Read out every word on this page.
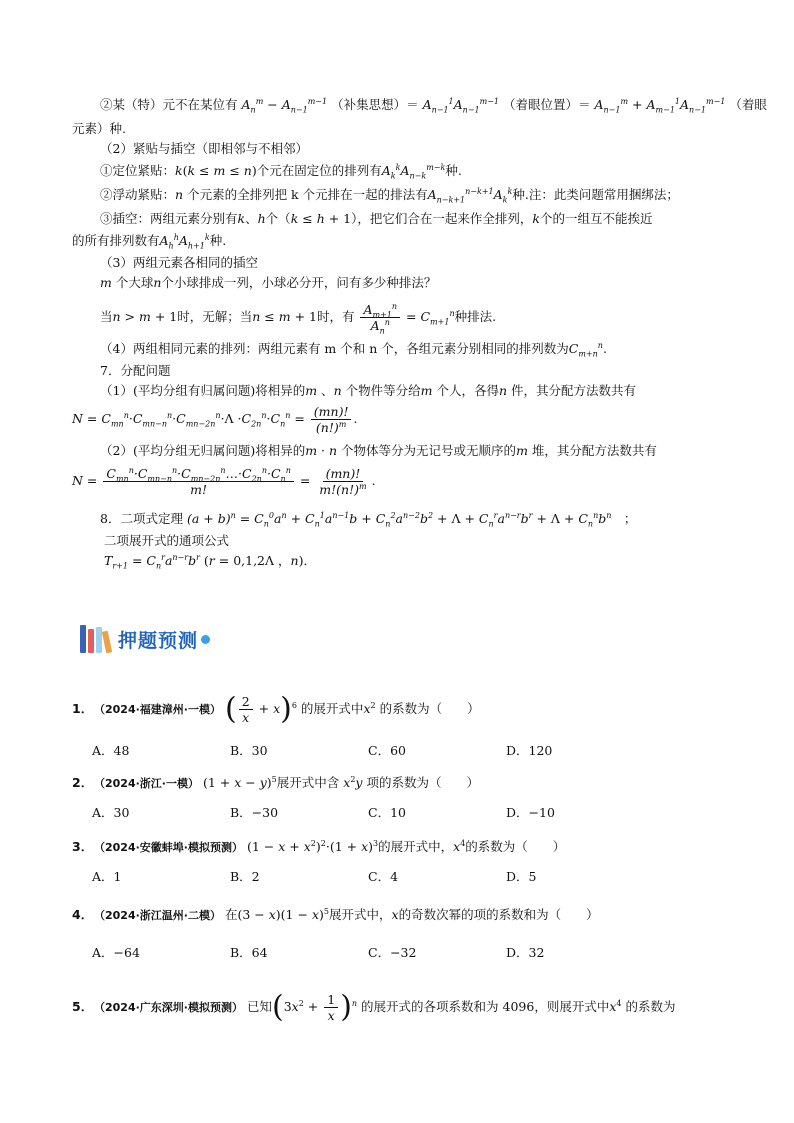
②某（特）元不在某位有 $A_n^m - A_{n-1}^{m-1}$ （补集思想）＝ $A_{n-1}^1A_{n-1}^{m-1}$ （着眼位置）＝ $A_{n-1}^m + A_{m-1}^1A_{n-1}^{m-1}$ （着眼
元素）种.
（2）紧贴与插空（即相邻与不相邻）
①定位紧贴：k(k ≤ m ≤ n)个元在固定位的排列有$A_k^kA_{n-k}^{m-k}$种.
②浮动紧贴：n 个元素的全排列把 k 个元排在一起的排法有$A_{n-k+1}^{n-k+1}A_k^k$种.注：此类问题常用捆绑法；
③插空：两组元素分别有k、h个（k ≤ h + 1），把它们合在一起来作全排列，k个的一组互不能挨近
的所有排列数有$A_h^hA_{h+1}^k$种.
（3）两组元素各相同的插空
m 个大球n个小球排成一列，小球必分开，问有多少种排法？
当n > m + 1时，无解；当n ≤ m + 1时，有 $\frac{A_{m+1}^n}{A_n^n} = C_{m+1}^n$种排法.
（4）两组相同元素的排列：两组元素有 m 个和 n 个，各组元素分别相同的排列数为$C_{m+n}^n$.
7．分配问题
（1）(平均分组有归属问题)将相异的m 、n 个物件等分给m 个人，各得n 件，其分配方法数共有
$N = C_{mn}^n\cdot C_{mn-n}^n\cdot C_{mn-2n}^n\cdot\Lambda \cdot C_{2n}^n\cdot C_n^n = \frac{(mn)!}{(n!)^m}$ .
（2）(平均分组无归属问题)将相异的m · n 个物体等分为无记号或无顺序的m 堆，其分配方法数共有
$N = \frac{C_{mn}^n\cdot C_{mn-n}^n\cdot C_{mn-2n}^n\dots\cdot C_{2n}^n\cdot C_n^n}{m!} = \frac{(mn)!}{m!(n!)^m}$ .
8．二项式定理 $(a + b)^n = C_n^0a^n + C_n^1a^{n-1}b + C_n^2a^{n-2}b^2 + \Lambda + C_n^ra^{n-r}b^r + \Lambda + C_n^nb^n$　；
二项展开式的通项公式
$T_{r+1} = C_n^ra^{n-r}b^r$ (r = 0,1,2Λ ，n)．
押题预测
1．（2024·福建漳州·一模） ( $\frac{2}{x} + x)^6$ 的展开式中$x^2$ 的系数为（　　）
A．48	B．30	C．60	D．120
2．（2024·浙江·一模） $(1 + x - y)^5$展开式中含 $x^2y$ 项的系数为（　　）
A．30	B．−30	C．10	D．−10
3．（2024·安徽蚌埠·模拟预测） $(1 - x + x^2)^2\cdot(1 + x)^3$的展开式中，$x^4$的系数为（　　）
A．1	B．2	C．4	D．5
4．（2024·浙江温州·二模） 在$(3 - x)(1 - x)^5$展开式中，x的奇数次幂的项的系数和为（　　）
A．−64	B．64	C．−32	D．32
5．（2024·广东深圳·模拟预测） 已知$(3x^2 + \frac{1}{x} )^n$ 的展开式的各项系数和为 4096，则展开式中$x^4$ 的系数为
